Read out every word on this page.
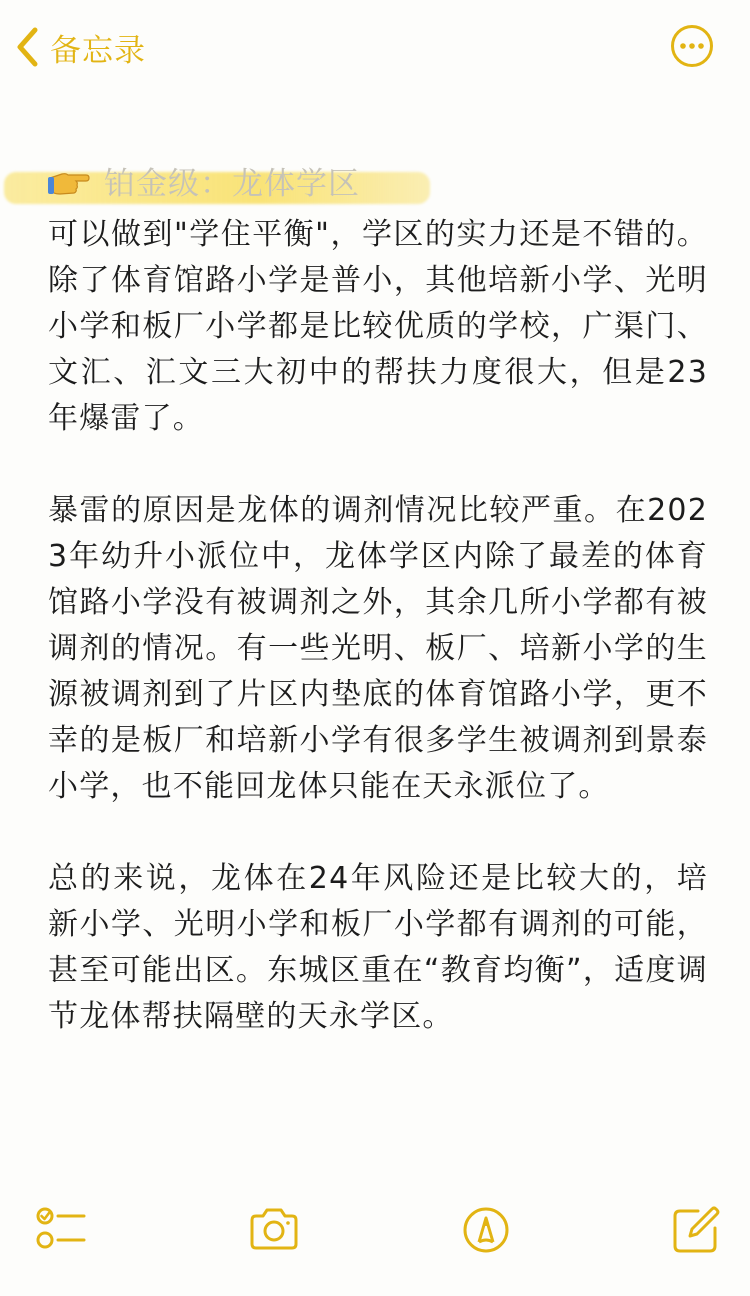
备忘录
铂金级：龙体学区

可以做到"学住平衡"，学区的实力还是不错的。除了体育馆路小学是普小，其他培新小学、光明小学和板厂小学都是比较优质的学校，广渠门、文汇、汇文三大初中的帮扶力度很大，但是23年爆雷了。

暴雷的原因是龙体的调剂情况比较严重。在2023年幼升小派位中，龙体学区内除了最差的体育馆路小学没有被调剂之外，其余几所小学都有被调剂的情况。有一些光明、板厂、培新小学的生源被调剂到了片区内垫底的体育馆路小学，更不幸的是板厂和培新小学有很多学生被调剂到景泰小学，也不能回龙体只能在天永派位了。

总的来说，龙体在24年风险还是比较大的，培新小学、光明小学和板厂小学都有调剂的可能，甚至可能出区。东城区重在“教育均衡”，适度调节龙体帮扶隔壁的天永学区。
